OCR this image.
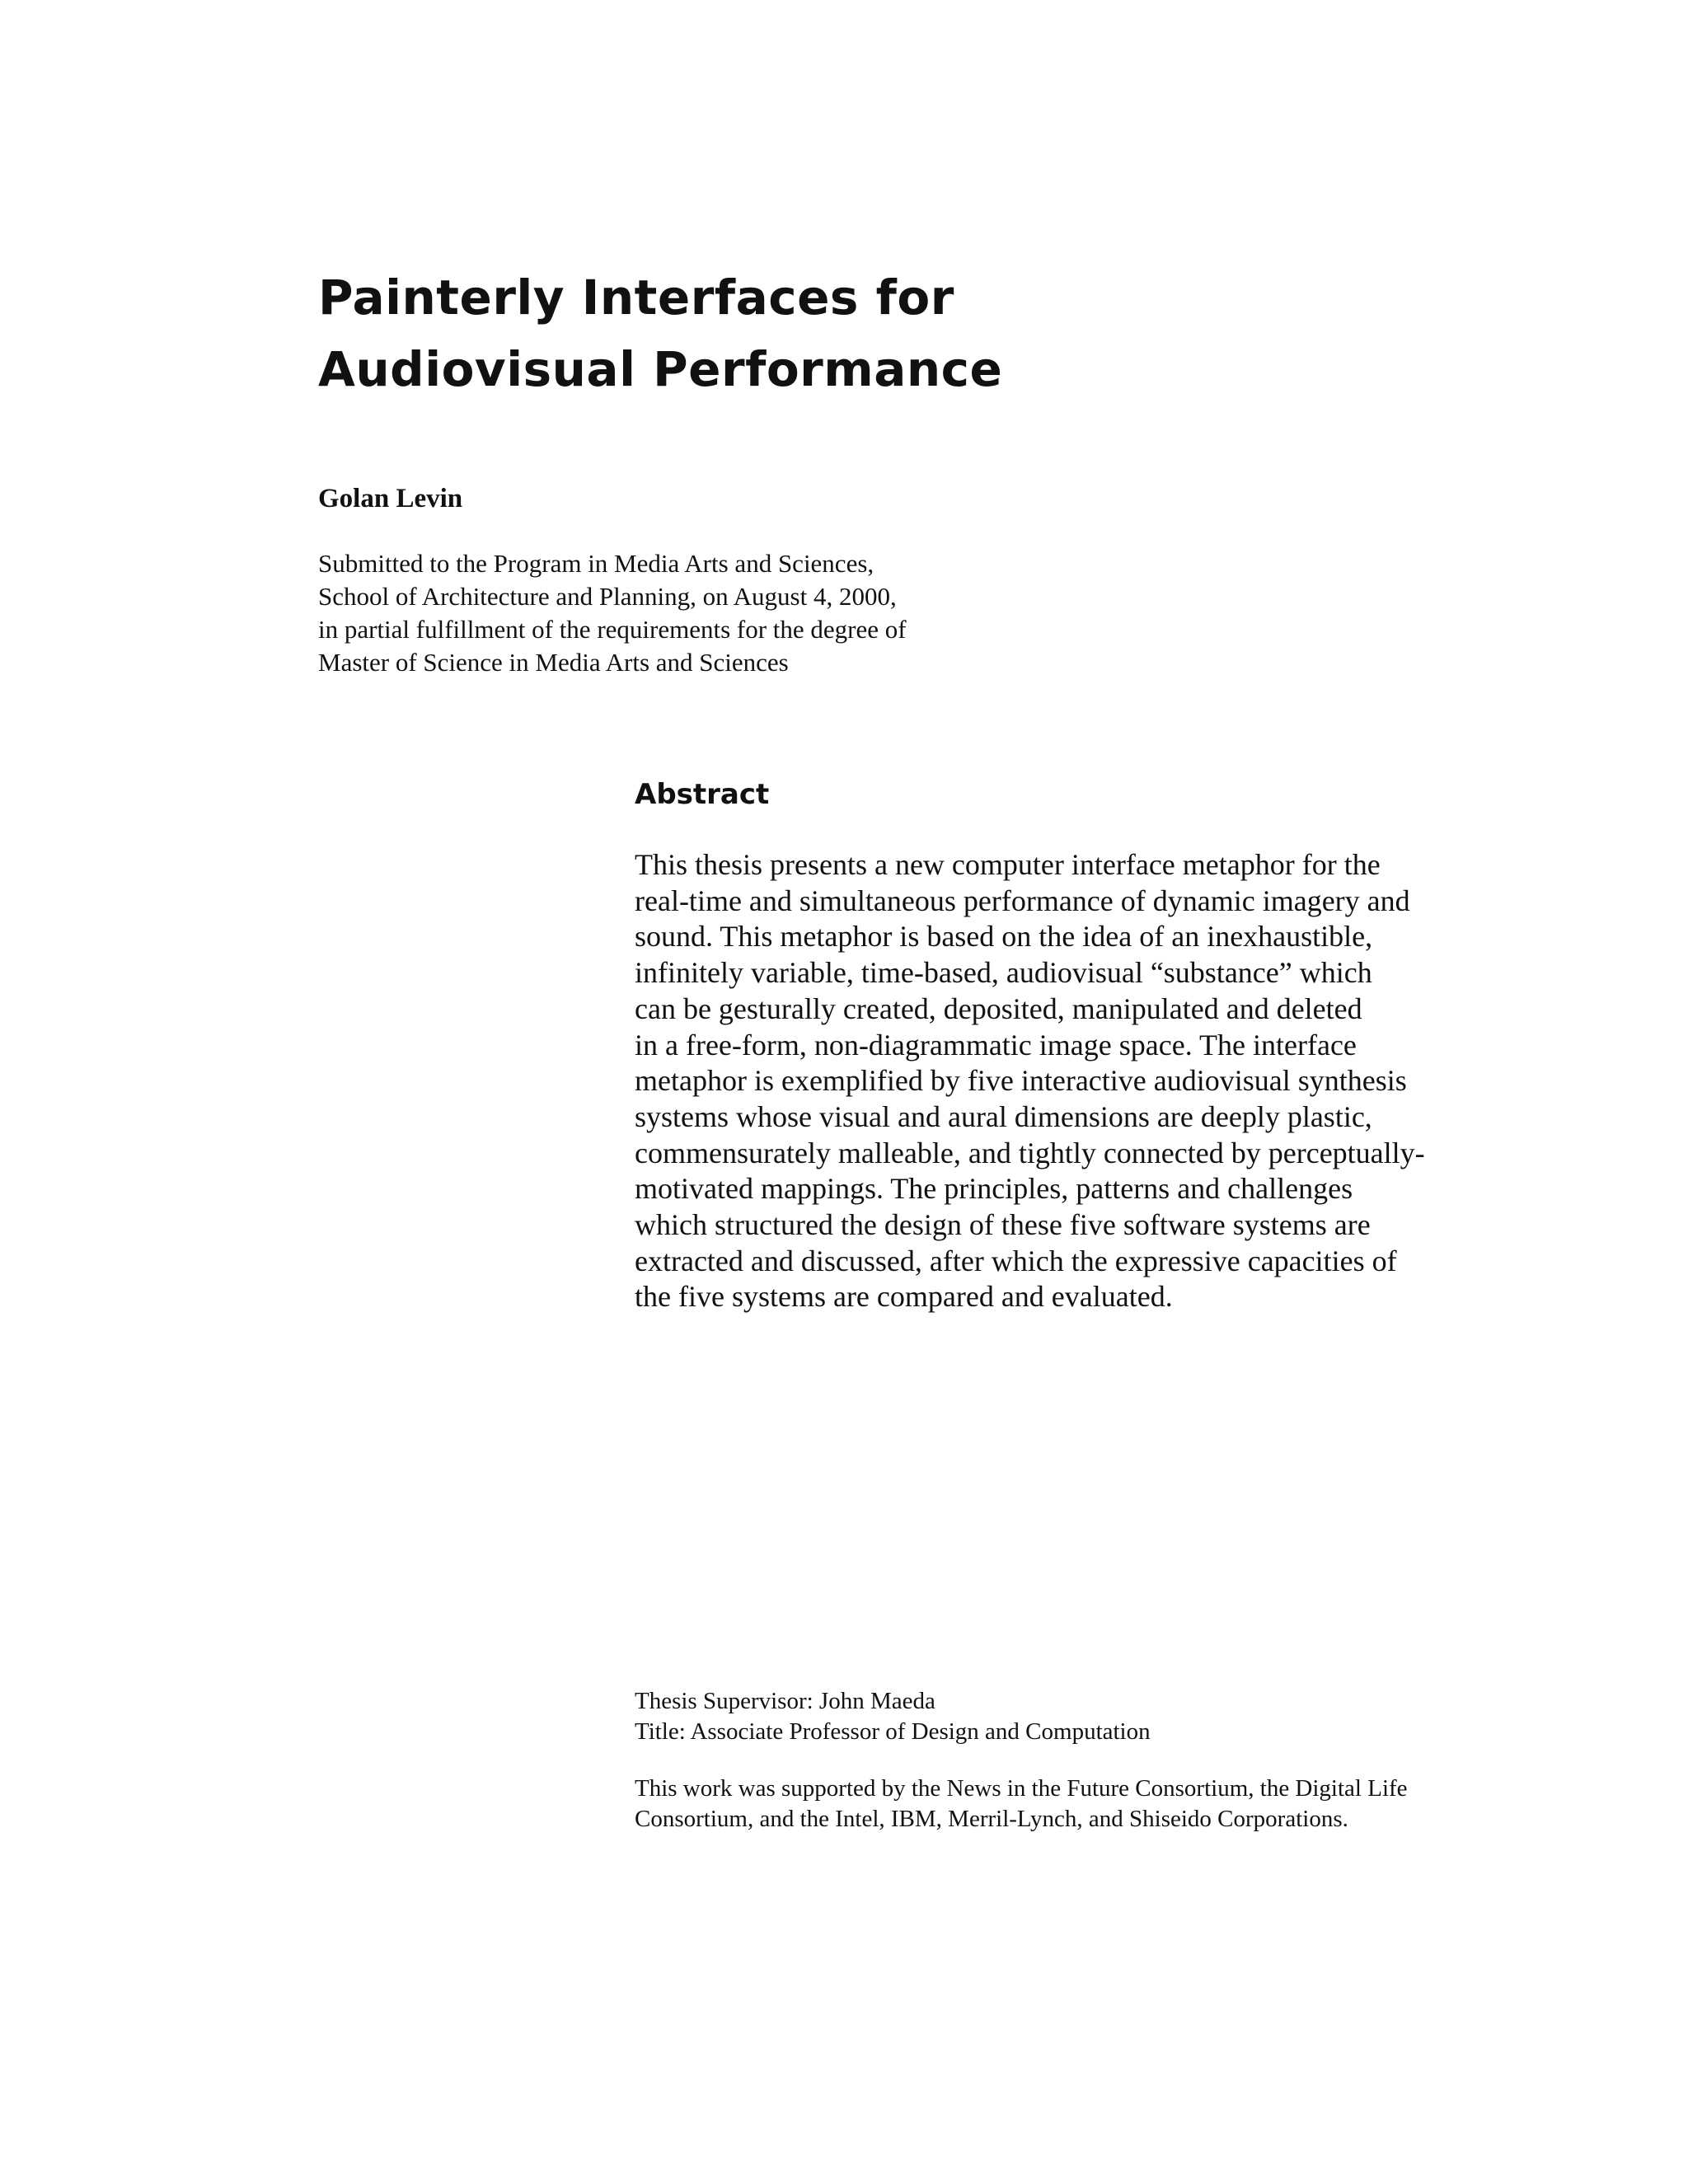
Painterly Interfaces for
Audiovisual Performance
Golan Levin
Submitted to the Program in Media Arts and Sciences,
School of Architecture and Planning, on August 4, 2000,
in partial fulfillment of the requirements for the degree of
Master of Science in Media Arts and Sciences
Abstract

This thesis presents a new computer interface metaphor for the
real-time and simultaneous performance of dynamic imagery and
sound. This metaphor is based on the idea of an inexhaustible,
infinitely variable, time-based, audiovisual “substance” which
can be gesturally created, deposited, manipulated and deleted
in a free-form, non-diagrammatic image space. The interface
metaphor is exemplified by five interactive audiovisual synthesis
systems whose visual and aural dimensions are deeply plastic,
commensurately malleable, and tightly connected by perceptually-
motivated mappings. The principles, patterns and challenges
which structured the design of these five software systems are
extracted and discussed, after which the expressive capacities of
the five systems are compared and evaluated.

Thesis Supervisor: John Maeda
Title: Associate Professor of Design and Computation
This work was supported by the News in the Future Consortium, the Digital Life
Consortium, and the Intel, IBM, Merril-Lynch, and Shiseido Corporations.
